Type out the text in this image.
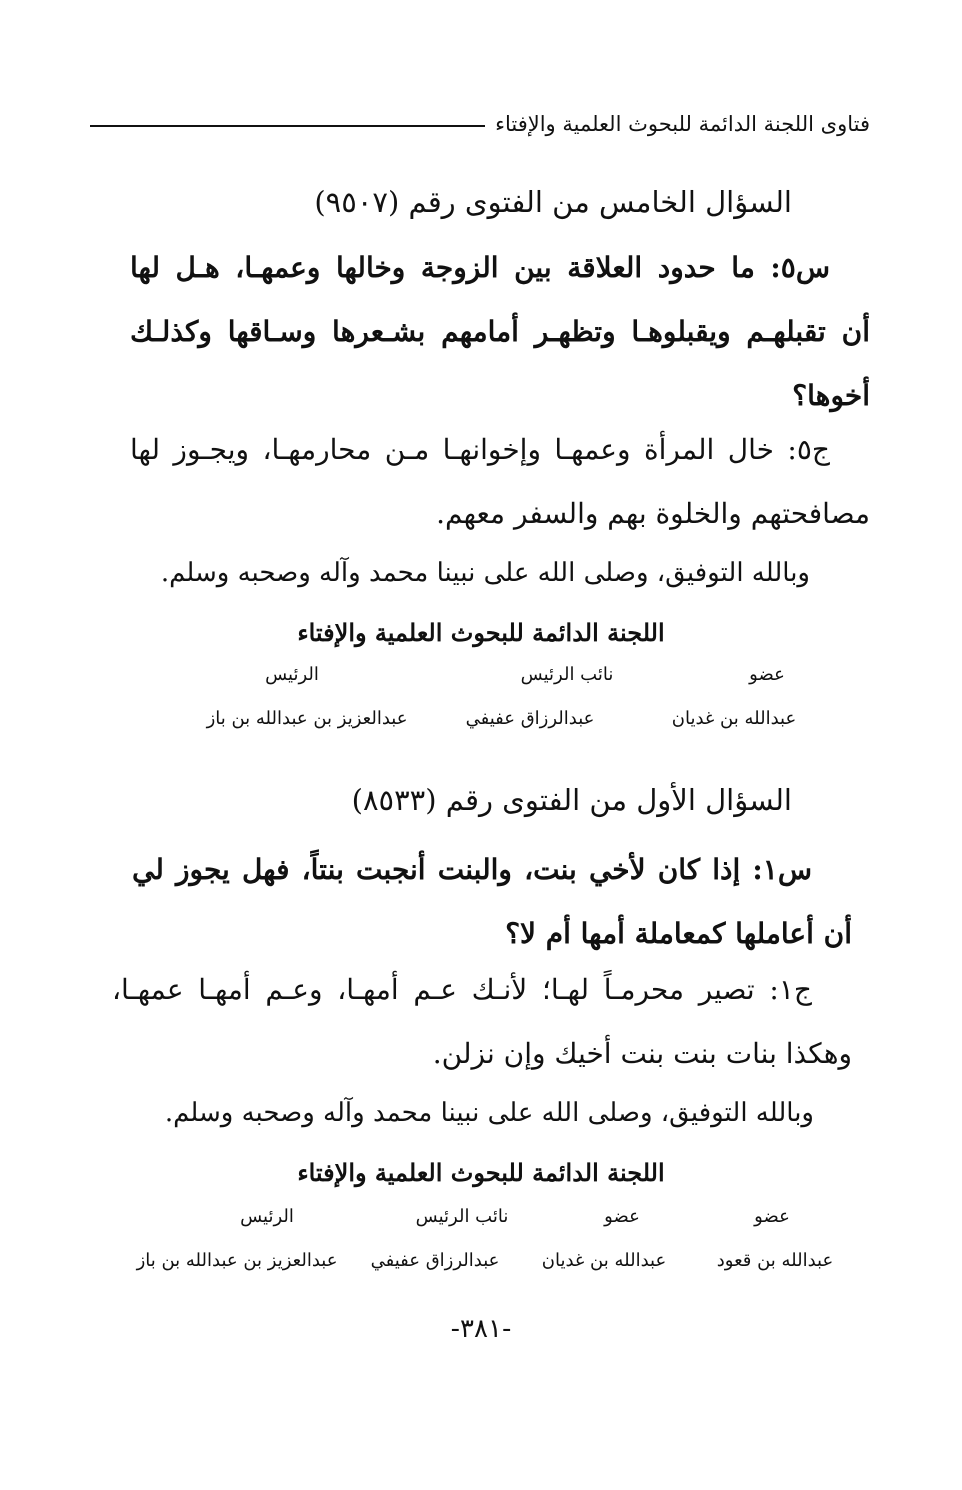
فتاوى اللجنة الدائمة للبحوث العلمية والإفتاء
السؤال الخامس من الفتوى رقم (٩٥٠٧)
س٥: ما حدود العلاقة بين الزوجة وخالها وعمهـا، هـل لها
أن تقبلهـم ويقبلوهـا وتظهـر أمامهم بشـعرها وسـاقها وكذلـك
أخوها؟
ج٥: خال المرأة وعمهـا وإخوانهـا مـن محارمهـا، ويجـوز لها
مصافحتهم والخلوة بهم والسفر معهم.
وبالله التوفيق، وصلى الله على نبينا محمد وآله وصحبه وسلم.
اللجنة الدائمة للبحوث العلمية والإفتاء
عضو
نائب الرئيس
الرئيس
عبدالله بن غديان
عبدالرزاق عفيفي
عبدالعزيز بن عبدالله بن باز
السؤال الأول من الفتوى رقم (٨٥٣٣)
س١: إذا كان لأخي بنت، والبنت أنجبت بنتاً، فهل يجوز لي
أن أعاملها كمعاملة أمها أم لا؟
ج١: تصير محرمـاً لهـا؛ لأنـك عـم أمهـا، وعـم أمهـا عمهـا،
وهكذا بنات بنت بنت أخيك وإن نزلن.
وبالله التوفيق، وصلى الله على نبينا محمد وآله وصحبه وسلم.
اللجنة الدائمة للبحوث العلمية والإفتاء
عضو
عضو
نائب الرئيس
الرئيس
عبدالله بن قعود
عبدالله بن غديان
عبدالرزاق عفيفي
عبدالعزيز بن عبدالله بن باز
-٣٨١-
